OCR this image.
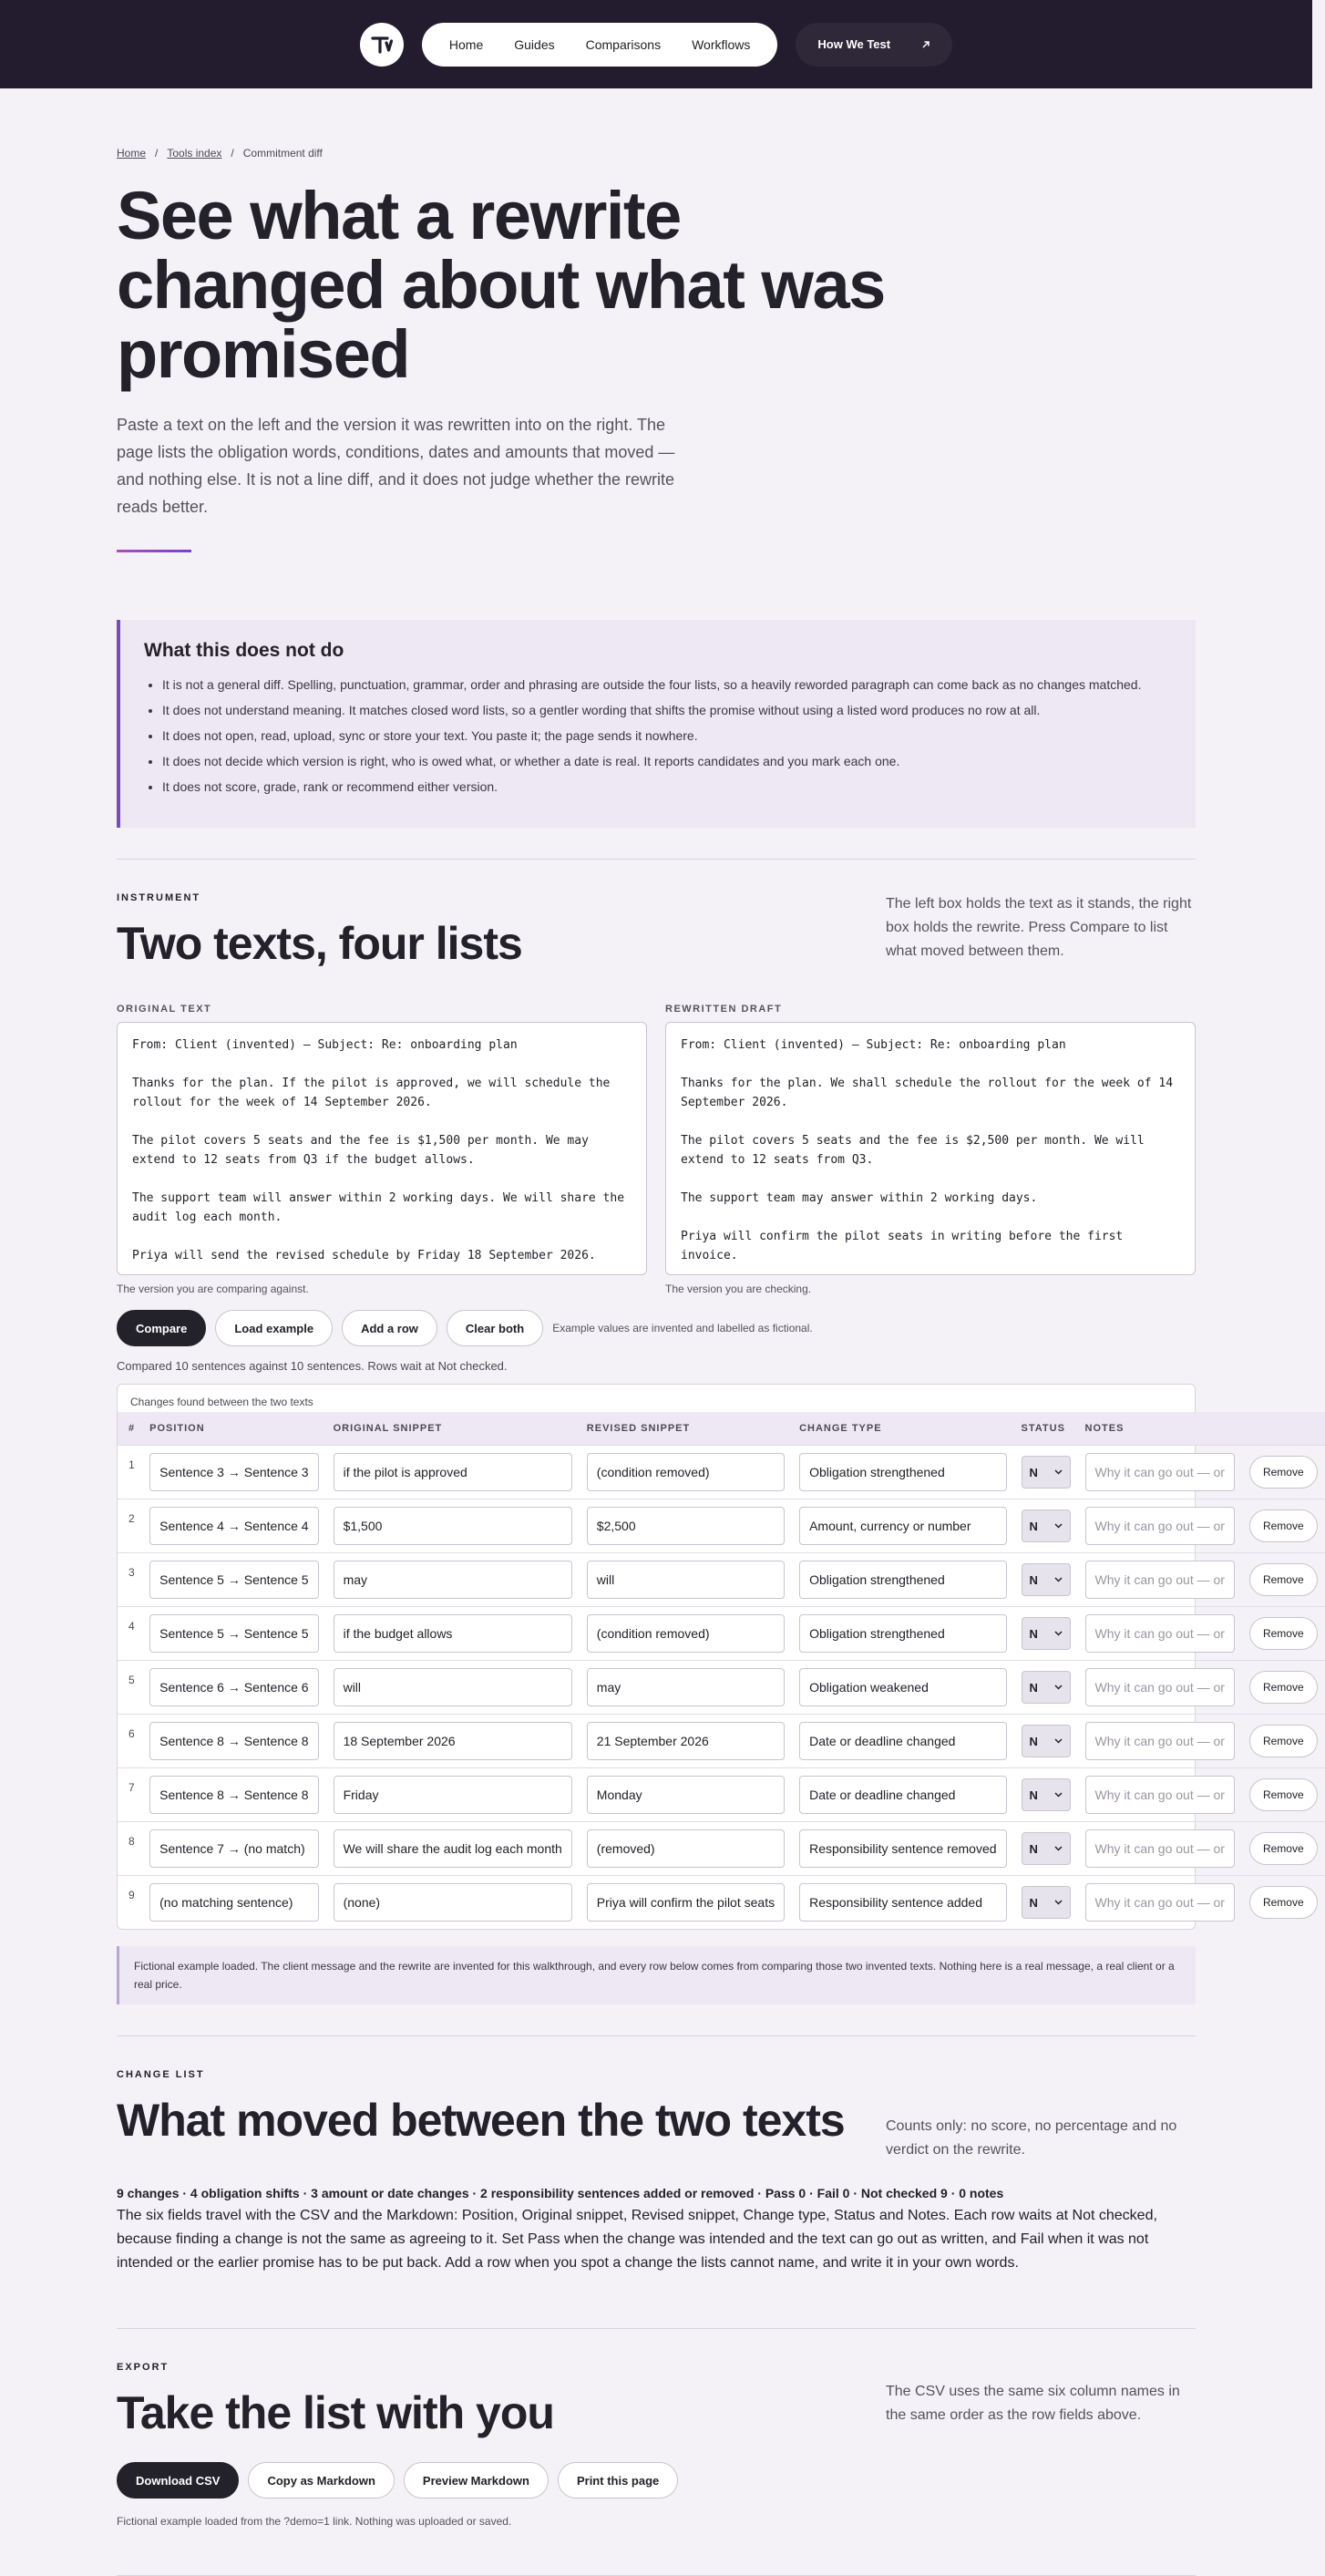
Home Guides Comparisons Workflows	How We Test
Home / Tools index / Commitment diff
See what a rewrite changed about what was promised

Paste a text on the left and the version it was rewritten into on the right. The page lists the obligation words, conditions, dates and amounts that moved — and nothing else. It is not a line diff, and it does not judge whether the rewrite reads better.

What this does not do
• It is not a general diff. Spelling, punctuation, grammar, order and phrasing are outside the four lists, so a heavily reworded paragraph can come back as no changes matched.
• It does not understand meaning. It matches closed word lists, so a gentler wording that shifts the promise without using a listed word produces no row at all.
• It does not open, read, upload, sync or store your text. You paste it; the page sends it nowhere.
• It does not decide which version is right, who is owed what, or whether a date is real. It reports candidates and you mark each one.
• It does not score, grade, rank or recommend either version.
INSTRUMENT
Two texts, four lists

The left box holds the text as it stands, the right box holds the rewrite. Press Compare to list what moved between them.

ORIGINAL TEXT
From: Client (invented) — Subject: Re: onboarding plan

Thanks for the plan. If the pilot is approved, we will schedule the rollout for the week of 14 September 2026.

The pilot covers 5 seats and the fee is $1,500 per month. We may extend to 12 seats from Q3 if the budget allows.

The support team will answer within 2 working days. We will share the audit log each month.

Priya will send the revised schedule by Friday 18 September 2026.
The version you are comparing against.
REWRITTEN DRAFT
From: Client (invented) — Subject: Re: onboarding plan

Thanks for the plan. We shall schedule the rollout for the week of 14 September 2026.

The pilot covers 5 seats and the fee is $2,500 per month. We will extend to 12 seats from Q3.

The support team may answer within 2 working days.

Priya will confirm the pilot seats in writing before the first invoice.
The version you are checking.
Compare	Load example	Add a row	Clear both	Example values are invented and labelled as fictional.
Compared 10 sentences against 10 sentences. Rows wait at Not checked.
Changes found between the two texts
#	POSITION	ORIGINAL SNIPPET	REVISED SNIPPET	CHANGE TYPE	STATUS	NOTES	
1	Sentence 3 → Sentence 3	if the pilot is approved	(condition removed)	Obligation strengthened	N	Why it can go out — or	Remove
2	Sentence 4 → Sentence 4	$1,500	$2,500	Amount, currency or number	N	Why it can go out — or	Remove
3	Sentence 5 → Sentence 5	may	will	Obligation strengthened	N	Why it can go out — or	Remove
4	Sentence 5 → Sentence 5	if the budget allows	(condition removed)	Obligation strengthened	N	Why it can go out — or	Remove
5	Sentence 6 → Sentence 6	will	may	Obligation weakened	N	Why it can go out — or	Remove
6	Sentence 8 → Sentence 8	18 September 2026	21 September 2026	Date or deadline changed	N	Why it can go out — or	Remove
7	Sentence 8 → Sentence 8	Friday	Monday	Date or deadline changed	N	Why it can go out — or	Remove
8	Sentence 7 → (no match)	We will share the audit log each month	(removed)	Responsibility sentence removed	N	Why it can go out — or	Remove
9	(no matching sentence)	(none)	Priya will confirm the pilot seats	Responsibility sentence added	N	Why it can go out — or	Remove
Fictional example loaded. The client message and the rewrite are invented for this walkthrough, and every row below comes from comparing those two invented texts. Nothing here is a real message, a real client or a real price.
CHANGE LIST
What moved between the two texts	Counts only: no score, no percentage and no verdict on the rewrite.

9 changes · 4 obligation shifts · 3 amount or date changes · 2 responsibility sentences added or removed · Pass 0 · Fail 0 · Not checked 9 · 0 notes

The six fields travel with the CSV and the Markdown: Position, Original snippet, Revised snippet, Change type, Status and Notes. Each row waits at Not checked, because finding a change is not the same as agreeing to it. Set Pass when the change was intended and the text can go out as written, and Fail when it was not intended or the earlier promise has to be put back. Add a row when you spot a change the lists cannot name, and write it in your own words.

EXPORT
Take the list with you	The CSV uses the same six column names in the same order as the row fields above.

Download CSV	Copy as Markdown	Preview Markdown	Print this page
Fictional example loaded from the ?demo=1 link. Nothing was uploaded or saved.
